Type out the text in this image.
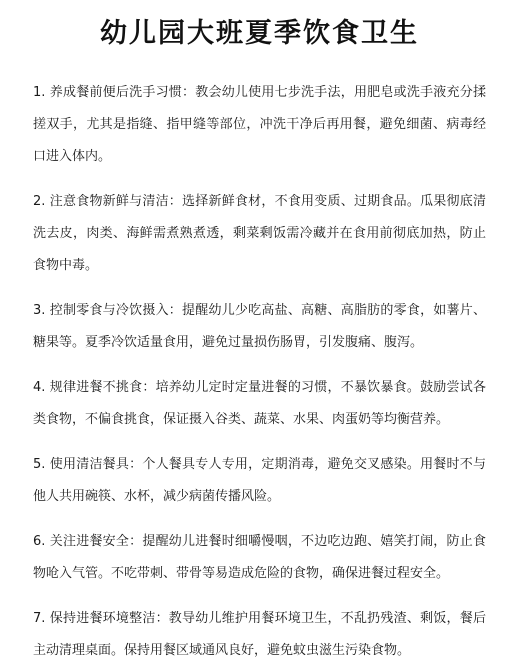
幼儿园大班夏季饮食卫生

1. 养成餐前便后洗手习惯：教会幼儿使用七步洗手法，用肥皂或洗手液充分揉搓双手，尤其是指缝、指甲缝等部位，冲洗干净后再用餐，避免细菌、病毒经口进入体内。

2. 注意食物新鲜与清洁：选择新鲜食材，不食用变质、过期食品。瓜果彻底清洗去皮，肉类、海鲜需煮熟煮透，剩菜剩饭需冷藏并在食用前彻底加热，防止食物中毒。

3. 控制零食与冷饮摄入：提醒幼儿少吃高盐、高糖、高脂肪的零食，如薯片、糖果等。夏季冷饮适量食用，避免过量损伤肠胃，引发腹痛、腹泻。

4. 规律进餐不挑食：培养幼儿定时定量进餐的习惯，不暴饮暴食。鼓励尝试各类食物，不偏食挑食，保证摄入谷类、蔬菜、水果、肉蛋奶等均衡营养。

5. 使用清洁餐具：个人餐具专人专用，定期消毒，避免交叉感染。用餐时不与他人共用碗筷、水杯，减少病菌传播风险。

6. 关注进餐安全：提醒幼儿进餐时细嚼慢咽，不边吃边跑、嬉笑打闹，防止食物呛入气管。不吃带刺、带骨等易造成危险的食物，确保进餐过程安全。

7. 保持进餐环境整洁：教导幼儿维护用餐环境卫生，不乱扔残渣、剩饭，餐后主动清理桌面。保持用餐区域通风良好，避免蚊虫滋生污染食物。
